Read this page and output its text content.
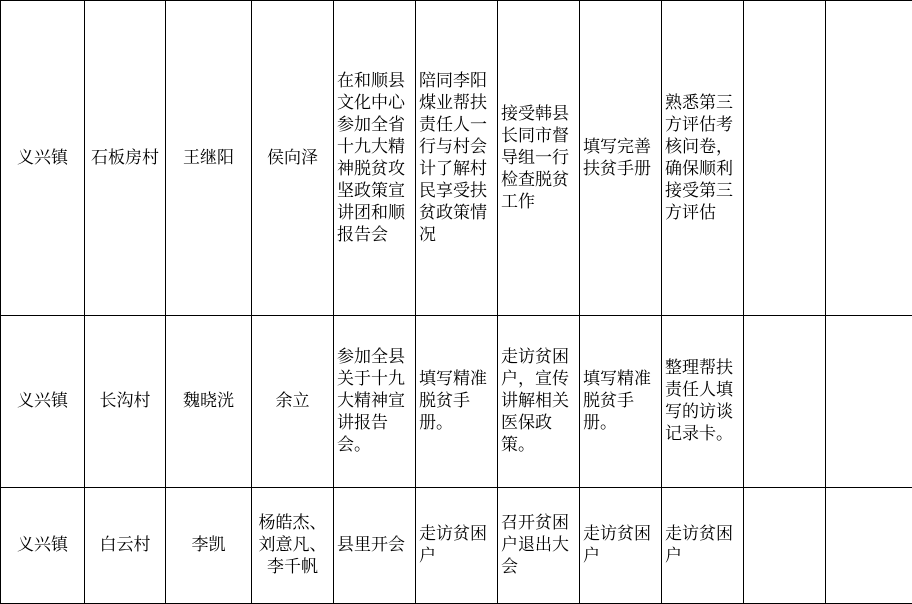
义兴镇	石板房村	王继阳	侯向泽	在和顺县文化中心参加全省十九大精神脱贫攻坚政策宣讲团和顺报告会	陪同李阳煤业帮扶责任人一行与村会计了解村民享受扶贫政策情况	接受韩县长同市督导组一行检查脱贫工作	填写完善扶贫手册	熟悉第三方评估考核问卷，确保顺利接受第三方评估		

义兴镇	长沟村	魏晓洸	余立	参加全县关于十九大精神宣讲报告会。	填写精准脱贫手册。	走访贫困户，宣传讲解相关医保政策。	填写精准脱贫手册。	整理帮扶责任人填写的访谈记录卡。		

义兴镇	白云村	李凯	杨皓杰、刘意凡、李千帆	县里开会	走访贫困户	召开贫困户退出大会	走访贫困户	走访贫困户		
